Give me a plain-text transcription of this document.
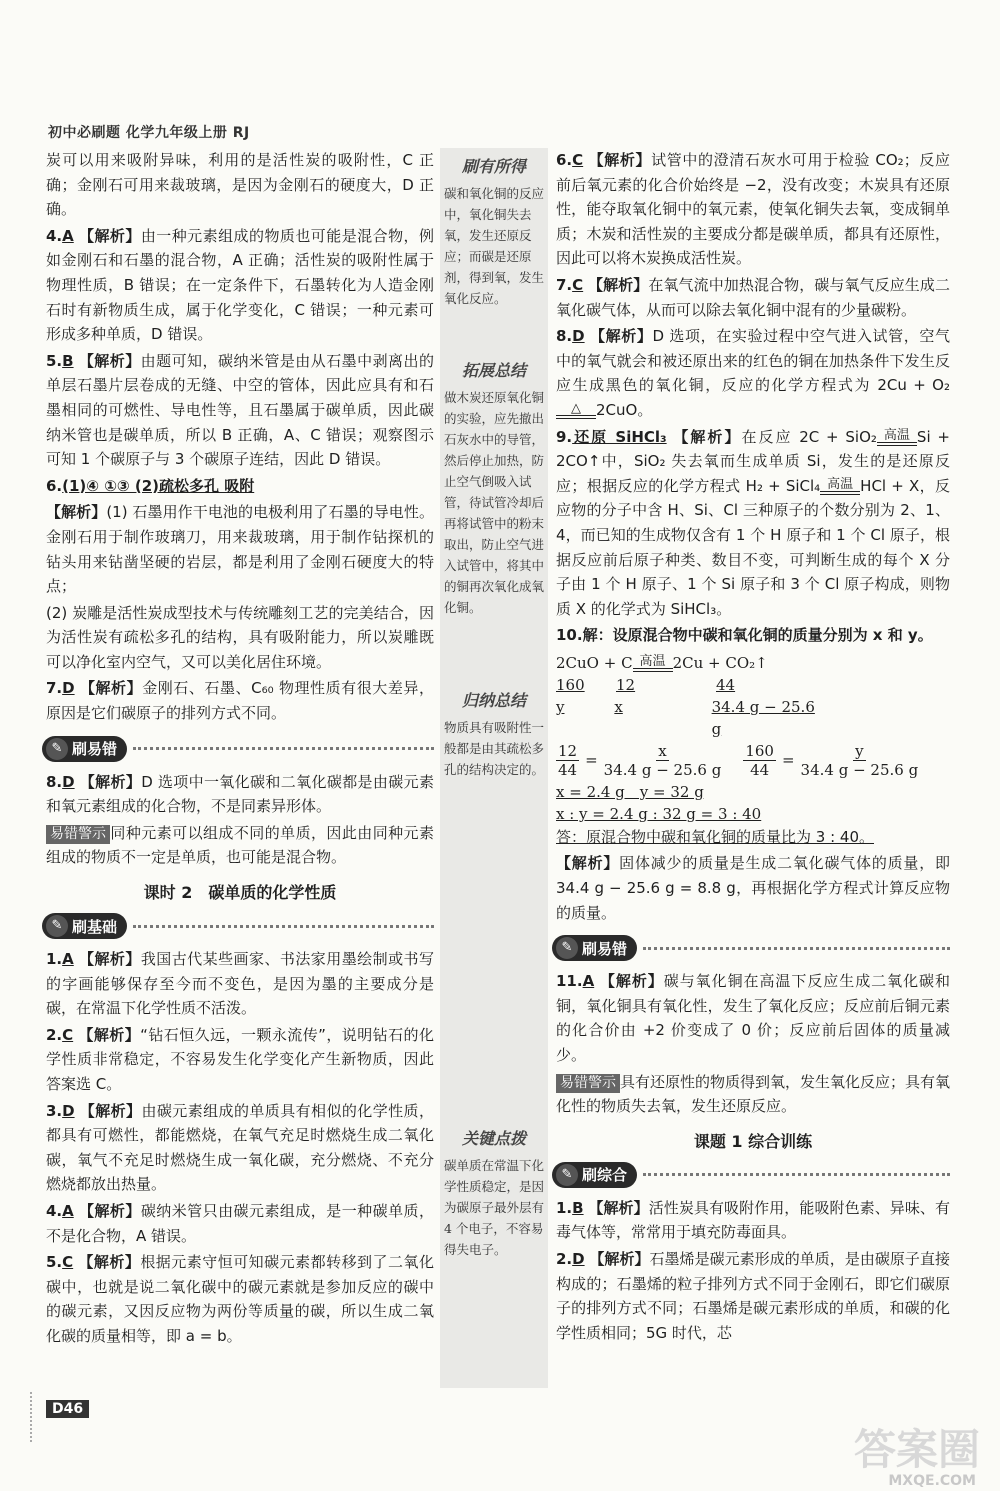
初中必刷题 化学九年级上册 RJ

炭可以用来吸附异味，利用的是活性炭的吸附性，C 正确；金刚石可用来裁玻璃，是因为金刚石的硬度大，D 正确。

4.A 【解析】由一种元素组成的物质也可能是混合物，例如金刚石和石墨的混合物，A 正确；活性炭的吸附性属于物理性质，B 错误；在一定条件下，石墨转化为人造金刚石时有新物质生成，属于化学变化，C 错误；一种元素可形成多种单质，D 错误。

5.B 【解析】由题可知，碳纳米管是由从石墨中剥离出的单层石墨片层卷成的无缝、中空的管体，因此应具有和石墨相同的可燃性、导电性等，且石墨属于碳单质，因此碳纳米管也是碳单质，所以 B 正确，A、C 错误；观察图示可知 1 个碳原子与 3 个碳原子连结，因此 D 错误。

6.(1)④ ①③ (2)疏松多孔 吸附

【解析】(1) 石墨用作干电池的电极利用了石墨的导电性。金刚石用于制作玻璃刀，用来裁玻璃，用于制作钻探机的钻头用来钻凿坚硬的岩层，都是利用了金刚石硬度大的特点；

(2) 炭雕是活性炭成型技术与传统雕刻工艺的完美结合，因为活性炭有疏松多孔的结构，具有吸附能力，所以炭雕既可以净化室内空气，又可以美化居住环境。

7.D 【解析】金刚石、石墨、C₆₀ 物理性质有很大差异，原因是它们碳原子的排列方式不同。

✎ 刷易错

8.D 【解析】D 选项中一氧化碳和二氧化碳都是由碳元素和氧元素组成的化合物，不是同素异形体。

易错警示 同种元素可以组成不同的单质，因此由同种元素组成的物质不一定是单质，也可能是混合物。

课时 2　碳单质的化学性质
✎ 刷基础

1.A 【解析】我国古代某些画家、书法家用墨绘制或书写的字画能够保存至今而不变色，是因为墨的主要成分是碳，在常温下化学性质不活泼。

2.C 【解析】“钻石恒久远，一颗永流传”，说明钻石的化学性质非常稳定，不容易发生化学变化产生新物质，因此答案选 C。

3.D 【解析】由碳元素组成的单质具有相似的化学性质，都具有可燃性，都能燃烧，在氧气充足时燃烧生成二氧化碳，氧气不充足时燃烧生成一氧化碳，充分燃烧、不充分燃烧都放出热量。

4.A 【解析】碳纳米管只由碳元素组成，是一种碳单质，不是化合物，A 错误。

5.C 【解析】根据元素守恒可知碳元素都转移到了二氧化碳中，也就是说二氧化碳中的碳元素就是参加反应的碳中的碳元素，又因反应物为两份等质量的碳，所以生成二氧化碳的质量相等，即 a = b。

刷有所得
碳和氧化铜的反应中，氧化铜失去氧，发生还原反应；而碳是还原剂，得到氧，发生氧化反应。
拓展总结
做木炭还原氧化铜的实验，应先撤出石灰水中的导管，然后停止加热，防止空气倒吸入试管，待试管冷却后再将试管中的粉末取出，防止空气进入试管中，将其中的铜再次氧化成氧化铜。
归纳总结
物质具有吸附性一般都是由其疏松多孔的结构决定的。
关键点拨
碳单质在常温下化学性质稳定，是因为碳原子最外层有 4 个电子，不容易得失电子。

6.C 【解析】试管中的澄清石灰水可用于检验 CO₂；反应前后氧元素的化合价始终是 −2，没有改变；木炭具有还原性，能夺取氧化铜中的氧元素，使氧化铜失去氧，变成铜单质；木炭和活性炭的主要成分都是碳单质，都具有还原性，因此可以将木炭换成活性炭。

7.C 【解析】在氧气流中加热混合物，碳与氧气反应生成二氧化碳气体，从而可以除去氧化铜中混有的少量碳粉。

8.D 【解析】D 选项，在实验过程中空气进入试管，空气中的氧气就会和被还原出来的红色的铜在加热条件下发生反应生成黑色的氧化铜，反应的化学方程式为 2Cu + O₂
△ 2CuO。

9.还原 SiHCl₃ 【解析】在反应 2C + SiO₂ 高温 Si + 2CO↑中，SiO₂ 失去氧而生成单质 Si，发生的是还原反应；根据反应的化学方程式 H₂ + SiCl₄ 高温 HCl + X，反应物的分子中含 H、Si、Cl 三种原子的个数分别为 2、1、4，而已知的生成物仅含有 1 个 H 原子和 1 个 Cl 原子，根据反应前后原子种类、数目不变，可判断生成的每个 X 分子由 1 个 H 原子、1 个 Si 原子和 3 个 Cl 原子构成，则物质 X 的化学式为 SiHCl₃。

10.解：设原混合物中碳和氧化铜的质量分别为 x 和 y。

2CuO + C 高温 2Cu + CO₂↑
160	12	44
y	x	34.4 g − 25.6 g
$\frac{12}{44} = \frac{x}{34.4 g - 25.6 g} \frac{160}{44} = \frac{y}{34.4 g - 25.6 g}$
x = 2.4 g　y = 32 g
x : y = 2.4 g : 32 g = 3 : 40

答：原混合物中碳和氧化铜的质量比为 3 : 40。

【解析】固体减少的质量是生成二氧化碳气体的质量，即 34.4 g − 25.6 g = 8.8 g，再根据化学方程式计算反应物的质量。

✎ 刷易错

11.A 【解析】碳与氧化铜在高温下反应生成二氧化碳和铜，氧化铜具有氧化性，发生了氧化反应；反应前后铜元素的化合价由 +2 价变成了 0 价；反应前后固体的质量减少。

易错警示 具有还原性的物质得到氧，发生氧化反应；具有氧化性的物质失去氧，发生还原反应。

课题 1 综合训练
✎ 刷综合

1.B 【解析】活性炭具有吸附作用，能吸附色素、异味、有毒气体等，常常用于填充防毒面具。

2.D 【解析】石墨烯是碳元素形成的单质，是由碳原子直接构成的；石墨烯的粒子排列方式不同于金刚石，即它们碳原子的排列方式不同；石墨烯是碳元素形成的单质，和碳的化学性质相同；5G 时代，芯

D46
答案圈
MXQE.COM
